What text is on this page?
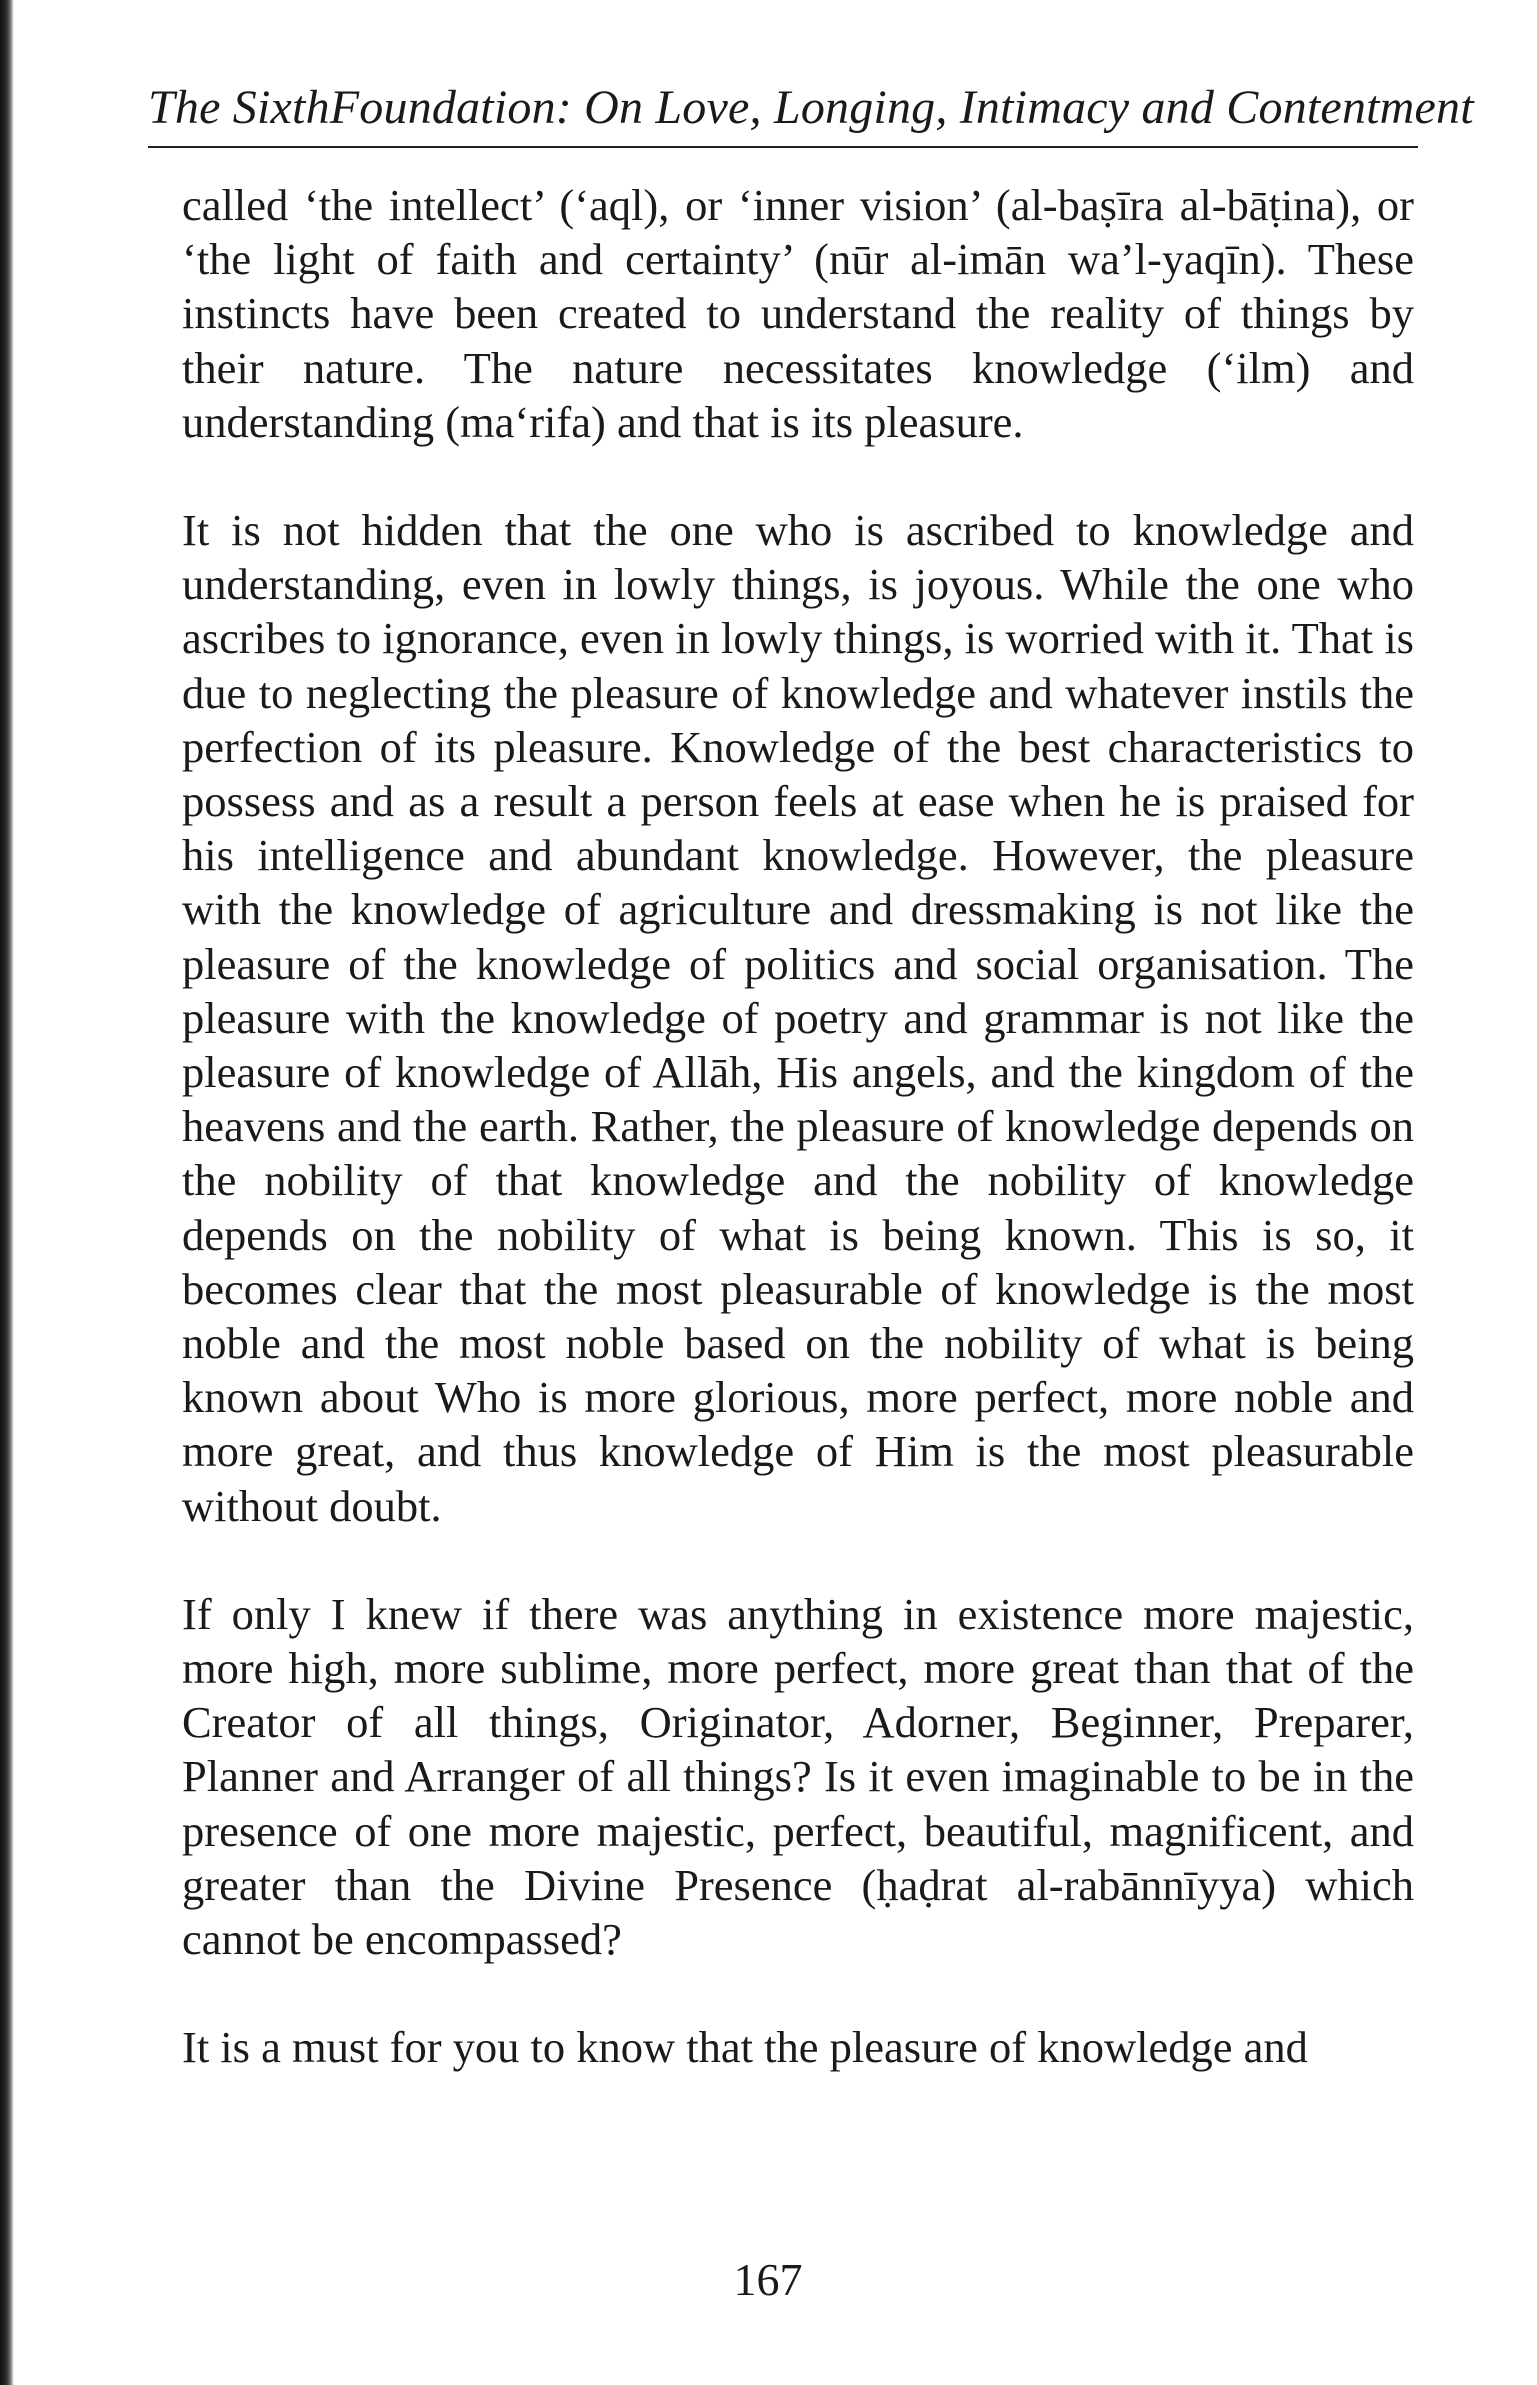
The SixthFoundation: On Love, Longing, Intimacy and Contentment

called ‘the intellect’ (‘aql), or ‘inner vision’ (al-baṣīra al-bāṭina), or ‘the light of faith and certainty’ (nūr al-imān wa’l-yaqīn). These instincts have been created to understand the reality of things by their nature. The nature necessitates knowledge (‘ilm) and understanding (ma‘rifa) and that is its pleasure.

It is not hidden that the one who is ascribed to knowledge and understanding, even in lowly things, is joyous. While the one who ascribes to ignorance, even in lowly things, is worried with it. That is due to neglecting the pleasure of knowledge and whatever instils the perfection of its pleasure. Knowledge of the best characteristics to possess and as a result a person feels at ease when he is praised for his intelligence and abundant knowledge. However, the pleasure with the knowledge of agriculture and dressmaking is not like the pleasure of the knowledge of politics and social organisation. The pleasure with the knowledge of poetry and grammar is not like the pleasure of knowledge of Allāh, His angels, and the kingdom of the heavens and the earth. Rather, the pleasure of knowledge depends on the nobility of that knowledge and the nobility of knowledge depends on the nobility of what is being known. This is so, it becomes clear that the most pleasurable of knowledge is the most noble and the most noble based on the nobility of what is being known about Who is more glorious, more perfect, more noble and more great, and thus knowledge of Him is the most pleasurable without doubt.

If only I knew if there was anything in existence more majestic, more high, more sublime, more perfect, more great than that of the Creator of all things, Originator, Adorner, Beginner, Preparer, Planner and Arranger of all things? Is it even imaginable to be in the presence of one more majestic, perfect, beautiful, magnificent, and greater than the Divine Presence (ḥaḍrat al-rabānnīyya) which cannot be encompassed?

It is a must for you to know that the pleasure of knowledge and

167
